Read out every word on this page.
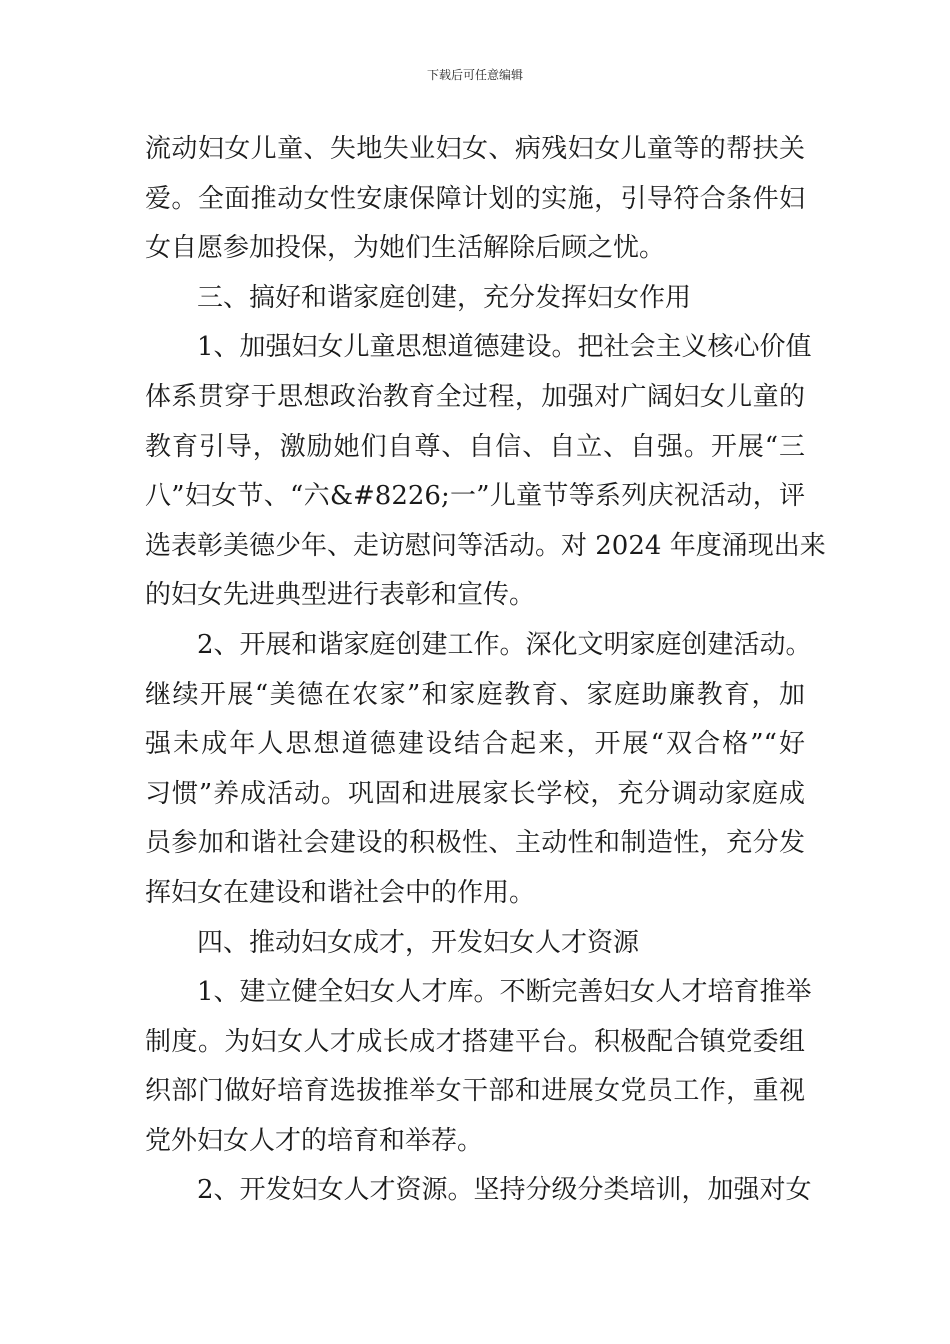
下载后可任意编辑
流动妇女儿童、失地失业妇女、病残妇女儿童等的帮扶关
爱。全面推动女性安康保障计划的实施，引导符合条件妇
女自愿参加投保，为她们生活解除后顾之忧。
三、搞好和谐家庭创建，充分发挥妇女作用
1、加强妇女儿童思想道德建设。把社会主义核心价值
体系贯穿于思想政治教育全过程，加强对广阔妇女儿童的
教育引导，激励她们自尊、自信、自立、自强。开展“三
八”妇女节、“六&#8226;一”儿童节等系列庆祝活动，评
选表彰美德少年、走访慰问等活动。对 2024 年度涌现出来
的妇女先进典型进行表彰和宣传。
2、开展和谐家庭创建工作。深化文明家庭创建活动。
继续开展“美德在农家”和家庭教育、家庭助廉教育，加
强未成年人思想道德建设结合起来，开展“双合格”“好
习惯”养成活动。巩固和进展家长学校，充分调动家庭成
员参加和谐社会建设的积极性、主动性和制造性，充分发
挥妇女在建设和谐社会中的作用。
四、推动妇女成才，开发妇女人才资源
1、建立健全妇女人才库。不断完善妇女人才培育推举
制度。为妇女人才成长成才搭建平台。积极配合镇党委组
织部门做好培育选拔推举女干部和进展女党员工作，重视
党外妇女人才的培育和举荐。
2、开发妇女人才资源。坚持分级分类培训，加强对女
